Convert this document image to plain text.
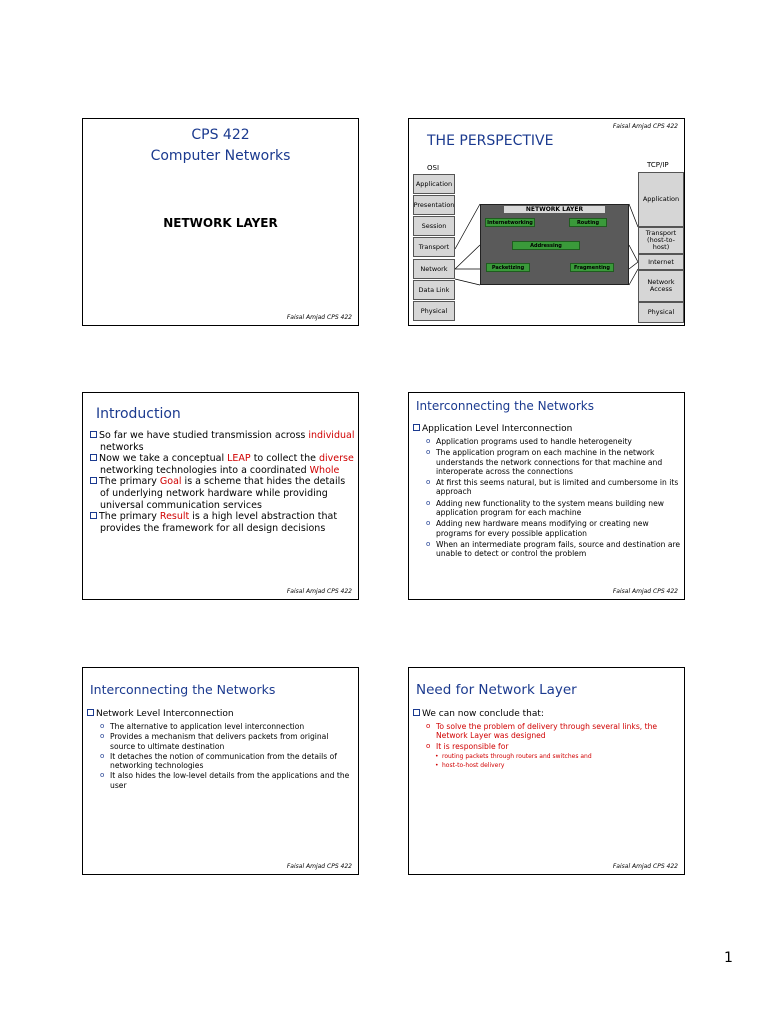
CPS 422
Computer Networks
NETWORK LAYER
Faisal Amjad CPS 422
Faisal Amjad CPS 422
THE PERSPECTIVE
OSI	TCP/IP
Application
Presentation
Session
Transport
Network
Data Link
Physical
NETWORK LAYER
Internetworking	Routing
Addressing
Packetizing	Fragmenting
Application
Transport (host-to-host)
Internet
Network Access
Physical
Introduction
So far we have studied transmission across individual networks
Now we take a conceptual LEAP to collect the diverse networking technologies into a coordinated Whole
The primary Goal is a scheme that hides the details of underlying network hardware while providing universal communication services
The primary Result is a high level abstraction that provides the framework for all design decisions
Faisal Amjad CPS 422
Interconnecting the Networks
Application Level Interconnection
o Application programs used to handle heterogeneity
o The application program on each machine in the network understands the network connections for that machine and interoperate across the connections
o At first this seems natural, but is limited and cumbersome in its approach
o Adding new functionality to the system means building new application program for each machine
o Adding new hardware means modifying or creating new programs for every possible application
o When an intermediate program fails, source and destination are unable to detect or control the problem
Faisal Amjad CPS 422
Interconnecting the Networks
Network Level Interconnection
o The alternative to application level interconnection
o Provides a mechanism that delivers packets from original source to ultimate destination
o It detaches the notion of communication from the details of networking technologies
o It also hides the low-level details from the applications and the user
Faisal Amjad CPS 422
Need for Network Layer
We can now conclude that:
o To solve the problem of delivery through several links, the Network Layer was designed
o It is responsible for
• routing packets through routers and switches and
• host-to-host delivery
Faisal Amjad CPS 422
1
